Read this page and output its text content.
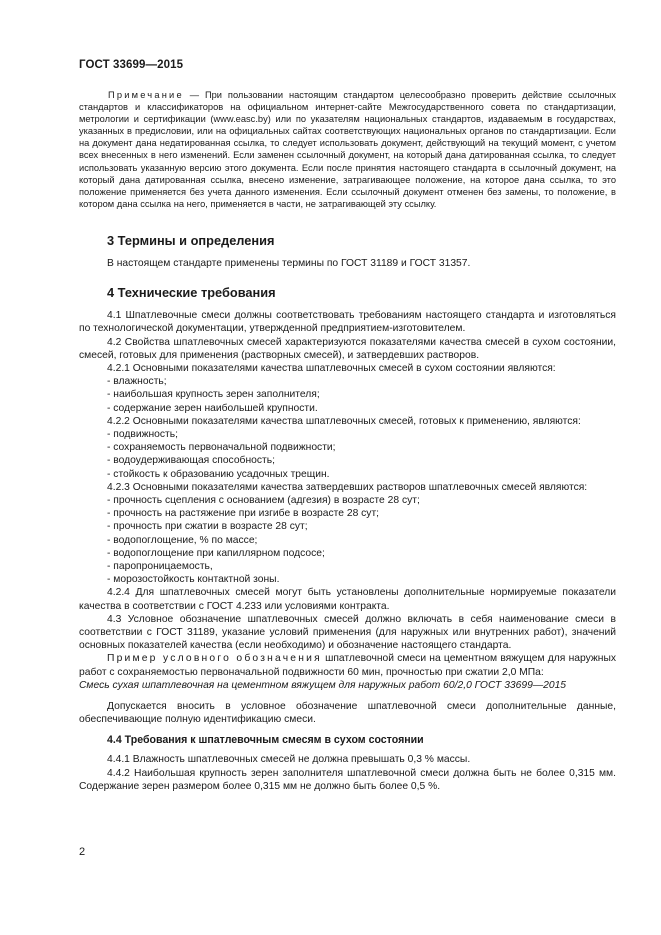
ГОСТ 33699—2015

Примечание — При пользовании настоящим стандартом целесообразно проверить действие ссылочных стандартов и классификаторов на официальном интернет-сайте Межгосударственного совета по стандартизации, метрологии и сертификации (www.easc.by) или по указателям национальных стандартов, издаваемым в государствах, указанных в предисловии, или на официальных сайтах соответствующих национальных органов по стандартизации. Если на документ дана недатированная ссылка, то следует использовать документ, действующий на текущий момент, с учетом всех внесенных в него изменений. Если заменен ссылочный документ, на который дана датированная ссылка, то следует использовать указанную версию этого документа. Если после принятия настоящего стандарта в ссылочный документ, на который дана датированная ссылка, внесено изменение, затрагивающее положение, на которое дана ссылка, то это положение применяется без учета данного изменения. Если ссылочный документ отменен без замены, то положение, в котором дана ссылка на него, применяется в части, не затрагивающей эту ссылку.

3 Термины и определения

В настоящем стандарте применены термины по ГОСТ 31189 и ГОСТ 31357.

4 Технические требования

4.1 Шпатлевочные смеси должны соответствовать требованиям настоящего стандарта и изготовляться по технологической документации, утвержденной предприятием-изготовителем.

4.2 Свойства шпатлевочных смесей характеризуются показателями качества смесей в сухом состоянии, смесей, готовых для применения (растворных смесей), и затвердевших растворов.

4.2.1 Основными показателями качества шпатлевочных смесей в сухом состоянии являются:

- влажность;
- наибольшая крупность зерен заполнителя;
- содержание зерен наибольшей крупности.

4.2.2 Основными показателями качества шпатлевочных смесей, готовых к применению, являются:

- подвижность;
- сохраняемость первоначальной подвижности;
- водоудерживающая способность;
- стойкость к образованию усадочных трещин.

4.2.3 Основными показателями качества затвердевших растворов шпатлевочных смесей являются:

- прочность сцепления с основанием (адгезия) в возрасте 28 сут;
- прочность на растяжение при изгибе в возрасте 28 сут;
- прочность при сжатии в возрасте 28 сут;
- водопоглощение, % по массе;
- водопоглощение при капиллярном подсосе;
- паропроницаемость,
- морозостойкость контактной зоны.

4.2.4 Для шпатлевочных смесей могут быть установлены дополнительные нормируемые показатели качества в соответствии с ГОСТ 4.233 или условиями контракта.

4.3 Условное обозначение шпатлевочных смесей должно включать в себя наименование смеси в соответствии с ГОСТ 31189, указание условий применения (для наружных или внутренних работ), значений основных показателей качества (если необходимо) и обозначение настоящего стандарта.

Пример условного обозначения шпатлевочной смеси на цементном вяжущем для наружных работ с сохраняемостью первоначальной подвижности 60 мин, прочностью при сжатии 2,0 МПа:

Смесь сухая шпатлевочная на цементном вяжущем для наружных работ 60/2,0 ГОСТ 33699—2015

Допускается вносить в условное обозначение шпатлевочной смеси дополнительные данные, обеспечивающие полную идентификацию смеси.

4.4 Требования к шпатлевочным смесям в сухом состоянии

4.4.1 Влажность шпатлевочных смесей не должна превышать 0,3 % массы.

4.4.2 Наибольшая крупность зерен заполнителя шпатлевочной смеси должна быть не более 0,315 мм. Содержание зерен размером более 0,315 мм не должно быть более 0,5 %.

2
